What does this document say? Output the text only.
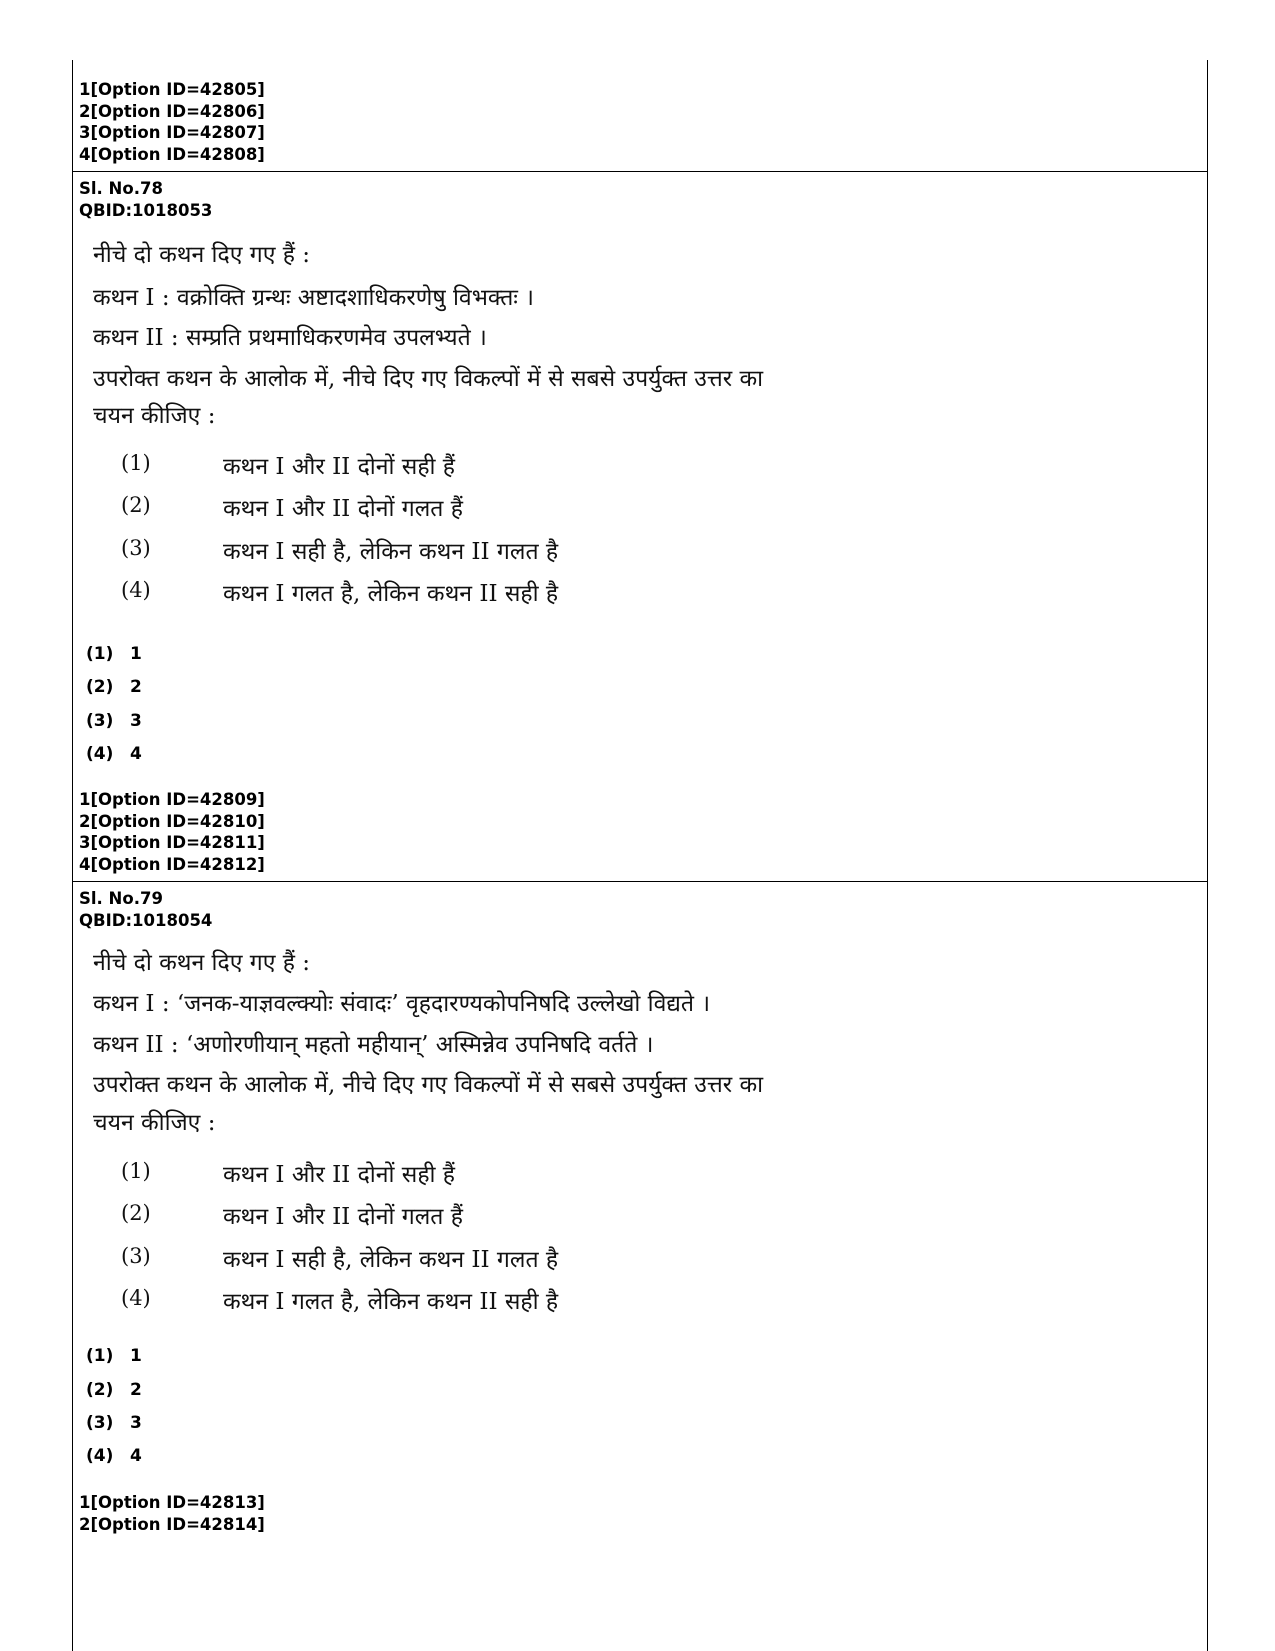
1[Option ID=42805]
2[Option ID=42806]
3[Option ID=42807]
4[Option ID=42808]
Sl. No.78
QBID:1018053
नीचे दो कथन दिए गए हैं :
कथन I : वक्रोक्ति ग्रन्थः अष्टादशाधिकरणेषु विभक्तः ।
कथन II : सम्प्रति प्रथमाधिकरणमेव उपलभ्यते ।
उपरोक्त कथन के आलोक में, नीचे दिए गए विकल्पों में से सबसे उपर्युक्त उत्तर का
चयन कीजिए :
(1)	कथन I और II दोनों सही हैं
(2)	कथन I और II दोनों गलत हैं
(3)	कथन I सही है, लेकिन कथन II गलत है
(4)	कथन I गलत है, लेकिन कथन II सही है
(1) 1
(2) 2
(3) 3
(4) 4
1[Option ID=42809]
2[Option ID=42810]
3[Option ID=42811]
4[Option ID=42812]
Sl. No.79
QBID:1018054
नीचे दो कथन दिए गए हैं :
कथन I : ‘जनक-याज्ञवल्क्योः संवादः’ वृहदारण्यकोपनिषदि उल्लेखो विद्यते ।
कथन II : ‘अणोरणीयान् महतो महीयान्’ अस्मिन्नेव उपनिषदि वर्तते ।
उपरोक्त कथन के आलोक में, नीचे दिए गए विकल्पों में से सबसे उपर्युक्त उत्तर का
चयन कीजिए :
(1)	कथन I और II दोनों सही हैं
(2)	कथन I और II दोनों गलत हैं
(3)	कथन I सही है, लेकिन कथन II गलत है
(4)	कथन I गलत है, लेकिन कथन II सही है
(1) 1
(2) 2
(3) 3
(4) 4
1[Option ID=42813]
2[Option ID=42814]
